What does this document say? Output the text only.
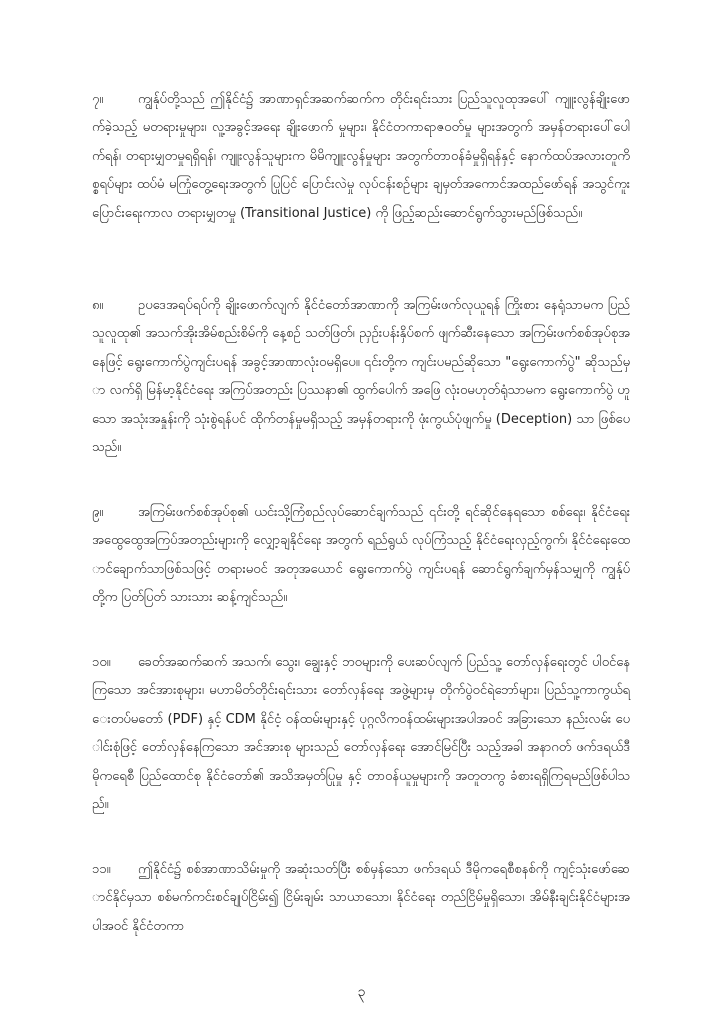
၇။	ကျွန်ုပ်တို့သည် ဤနိုင်ငံ၌ အာဏာရှင်အဆက်ဆက်က တိုင်းရင်းသား ပြည်သူလူထုအပေါ် ကျူးလွန်ချိုးဖောက်ခဲ့သည့် မတရားမှုများ၊ လူ့အခွင့်အရေး ချိုးဖောက် မှုများ၊ နိုင်ငံတကာရာဇဝတ်မှု များအတွက် အမှန်တရားပေါ်ပေါက်ရန်၊ တရားမျှတမှုရရှိရန်၊ ကျူးလွန်သူများက မိမိကျူးလွန်မှုများ အတွက်တာဝန်ခံမှုရှိရန်နှင့် နောက်ထပ်အလားတူကိစ္စရပ်များ ထပ်မံ မကြုံတွေ့ရေးအတွက် ပြုပြင် ပြောင်းလဲမှု လုပ်ငန်းစဉ်များ ချမှတ်အကောင်အထည်ဖော်ရန် အသွင်ကူးပြောင်းရေးကာလ တရားမျှတမှု (Transitional Justice) ကို ဖြည့်ဆည်းဆောင်ရွက်သွားမည်ဖြစ်သည်။

၈။	ဥပဒေအရပ်ရပ်ကို ချိုးဖောက်လျက် နိုင်ငံတော်အာဏာကို အကြမ်းဖက်လုယူရန် ကြိုးစား နေရုံသာမက ပြည်သူလူထု၏ အသက်အိုးအိမ်စည်းစိမ်ကို နေ့စဉ် သတ်ဖြတ်၊ ညှဉ်းပန်းနှိပ်စက် ဖျက်ဆီးနေသော အကြမ်းဖက်စစ်အုပ်စုအနေဖြင့် ရွေးကောက်ပွဲကျင်းပရန် အခွင့်အာဏာလုံးဝမရှိပေ။ ၎င်းတို့က ကျင်းပမည်ဆိုသော "ရွေးကောက်ပွဲ" ဆိုသည်မှာ လက်ရှိ မြန်မာ့နိုင်ငံရေး အကြပ်အတည်း ပြဿနာ၏ ထွက်ပေါက် အဖြေ လုံးဝမဟုတ်ရုံသာမက ရွေးကောက်ပွဲ ဟူသော အသုံးအနှုန်းကို သုံးစွဲရန်ပင် ထိုက်တန်မှုမရှိသည့် အမှန်တရားကို ဖုံးကွယ်ပုံဖျက်မှု (Deception) သာ ဖြစ်ပေသည်။

၉။	အကြမ်းဖက်စစ်အုပ်စု၏ ယင်းသို့ကြံစည်လုပ်ဆောင်ချက်သည် ၎င်းတို့ ရင်ဆိုင်နေရသော စစ်ရေး၊ နိုင်ငံရေး အထွေထွေအကြပ်အတည်းများကို လျှော့ချနိုင်ရေး အတွက် ရည်ရွယ် လုပ်ကြံသည့် နိုင်ငံရေးလှည့်ကွက်၊ နိုင်ငံရေးထောင်ချောက်သာဖြစ်သဖြင့် တရားမဝင် အတုအယောင် ရွေးကောက်ပွဲ ကျင်းပရန် ဆောင်ရွက်ချက်မှန်သမျှကို ကျွန်ုပ်တို့က ပြတ်ပြတ် သားသား ဆန့်ကျင်သည်။

၁၀။ ခေတ်အဆက်ဆက် အသက်၊ သွေး၊ ချွေးနှင့် ဘဝများကို ပေးဆပ်လျက် ပြည်သူ့ တော်လှန်ရေးတွင် ပါဝင်နေကြသော အင်အားစုများ၊ မဟာမိတ်တိုင်းရင်းသား တော်လှန်ရေး အဖွဲ့များမှ တိုက်ပွဲဝင်ရဲဘော်များ၊ ပြည်သူ့ကာကွယ်ရေးတပ်မတော် (PDF) နှင့် CDM နိုင်ငံ့ ဝန်ထမ်းများနှင့် ပုဂ္ဂလိကဝန်ထမ်းများအပါအဝင် အခြားသော နည်းလမ်း ပေါင်းစုံဖြင့် တော်လှန်နေကြသော အင်အားစု များသည် တော်လှန်ရေး အောင်မြင်ပြီး သည့်အခါ အနာဂတ် ဖက်ဒရယ်ဒီမိုကရေစီ ပြည်ထောင်စု နိုင်ငံတော်၏ အသိအမှတ်ပြုမှု နှင့် တာဝန်ယူမှုများကို အတူတကွ ခံစားရရှိကြရမည်ဖြစ်ပါသည်။

၁၁။ ဤနိုင်ငံ၌ စစ်အာဏာသိမ်းမှုကို အဆုံးသတ်ပြီး စစ်မှန်သော ဖက်ဒရယ် ဒီမိုကရေစီစနစ်ကို ကျင့်သုံးဖော်ဆောင်နိုင်မှသာ စစ်မက်ကင်းစင်ချုပ်ငြိမ်း၍ ငြိမ်းချမ်း သာယာသော၊ နိုင်ငံရေး တည်ငြိမ်မှုရှိသော၊ အိမ်နီးချင်းနိုင်ငံများအပါအဝင် နိုင်ငံတကာ

၃
